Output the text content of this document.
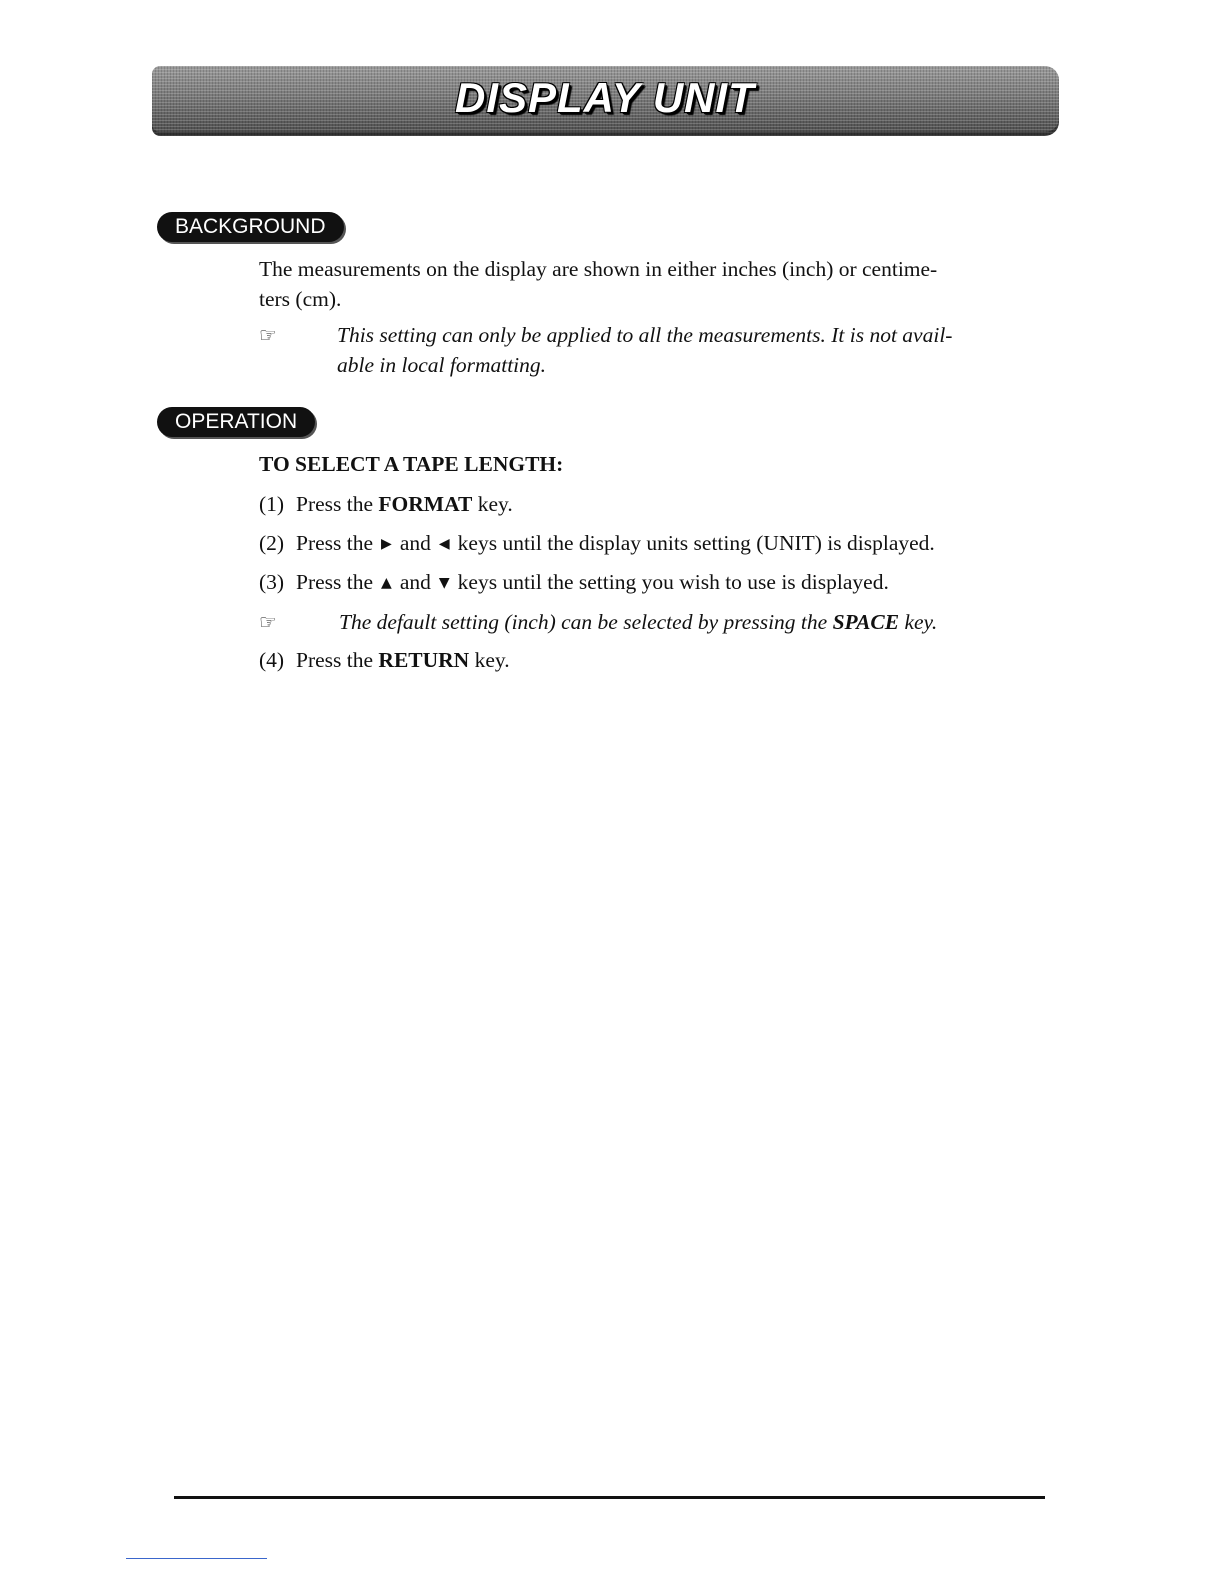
DISPLAY UNIT
BACKGROUND
The measurements on the display are shown in either inches (inch) or centime-
ters (cm).
☞	This setting can only be applied to all the measurements. It is not avail-
able in local formatting.
OPERATION
TO SELECT A TAPE LENGTH:
(1) Press the FORMAT key.
(2) Press the ▶ and ◀ keys until the display units setting (UNIT) is displayed.
(3) Press the ▲ and ▼ keys until the setting you wish to use is displayed.
☞	The default setting (inch) can be selected by pressing the SPACE key.
(4) Press the RETURN key.
